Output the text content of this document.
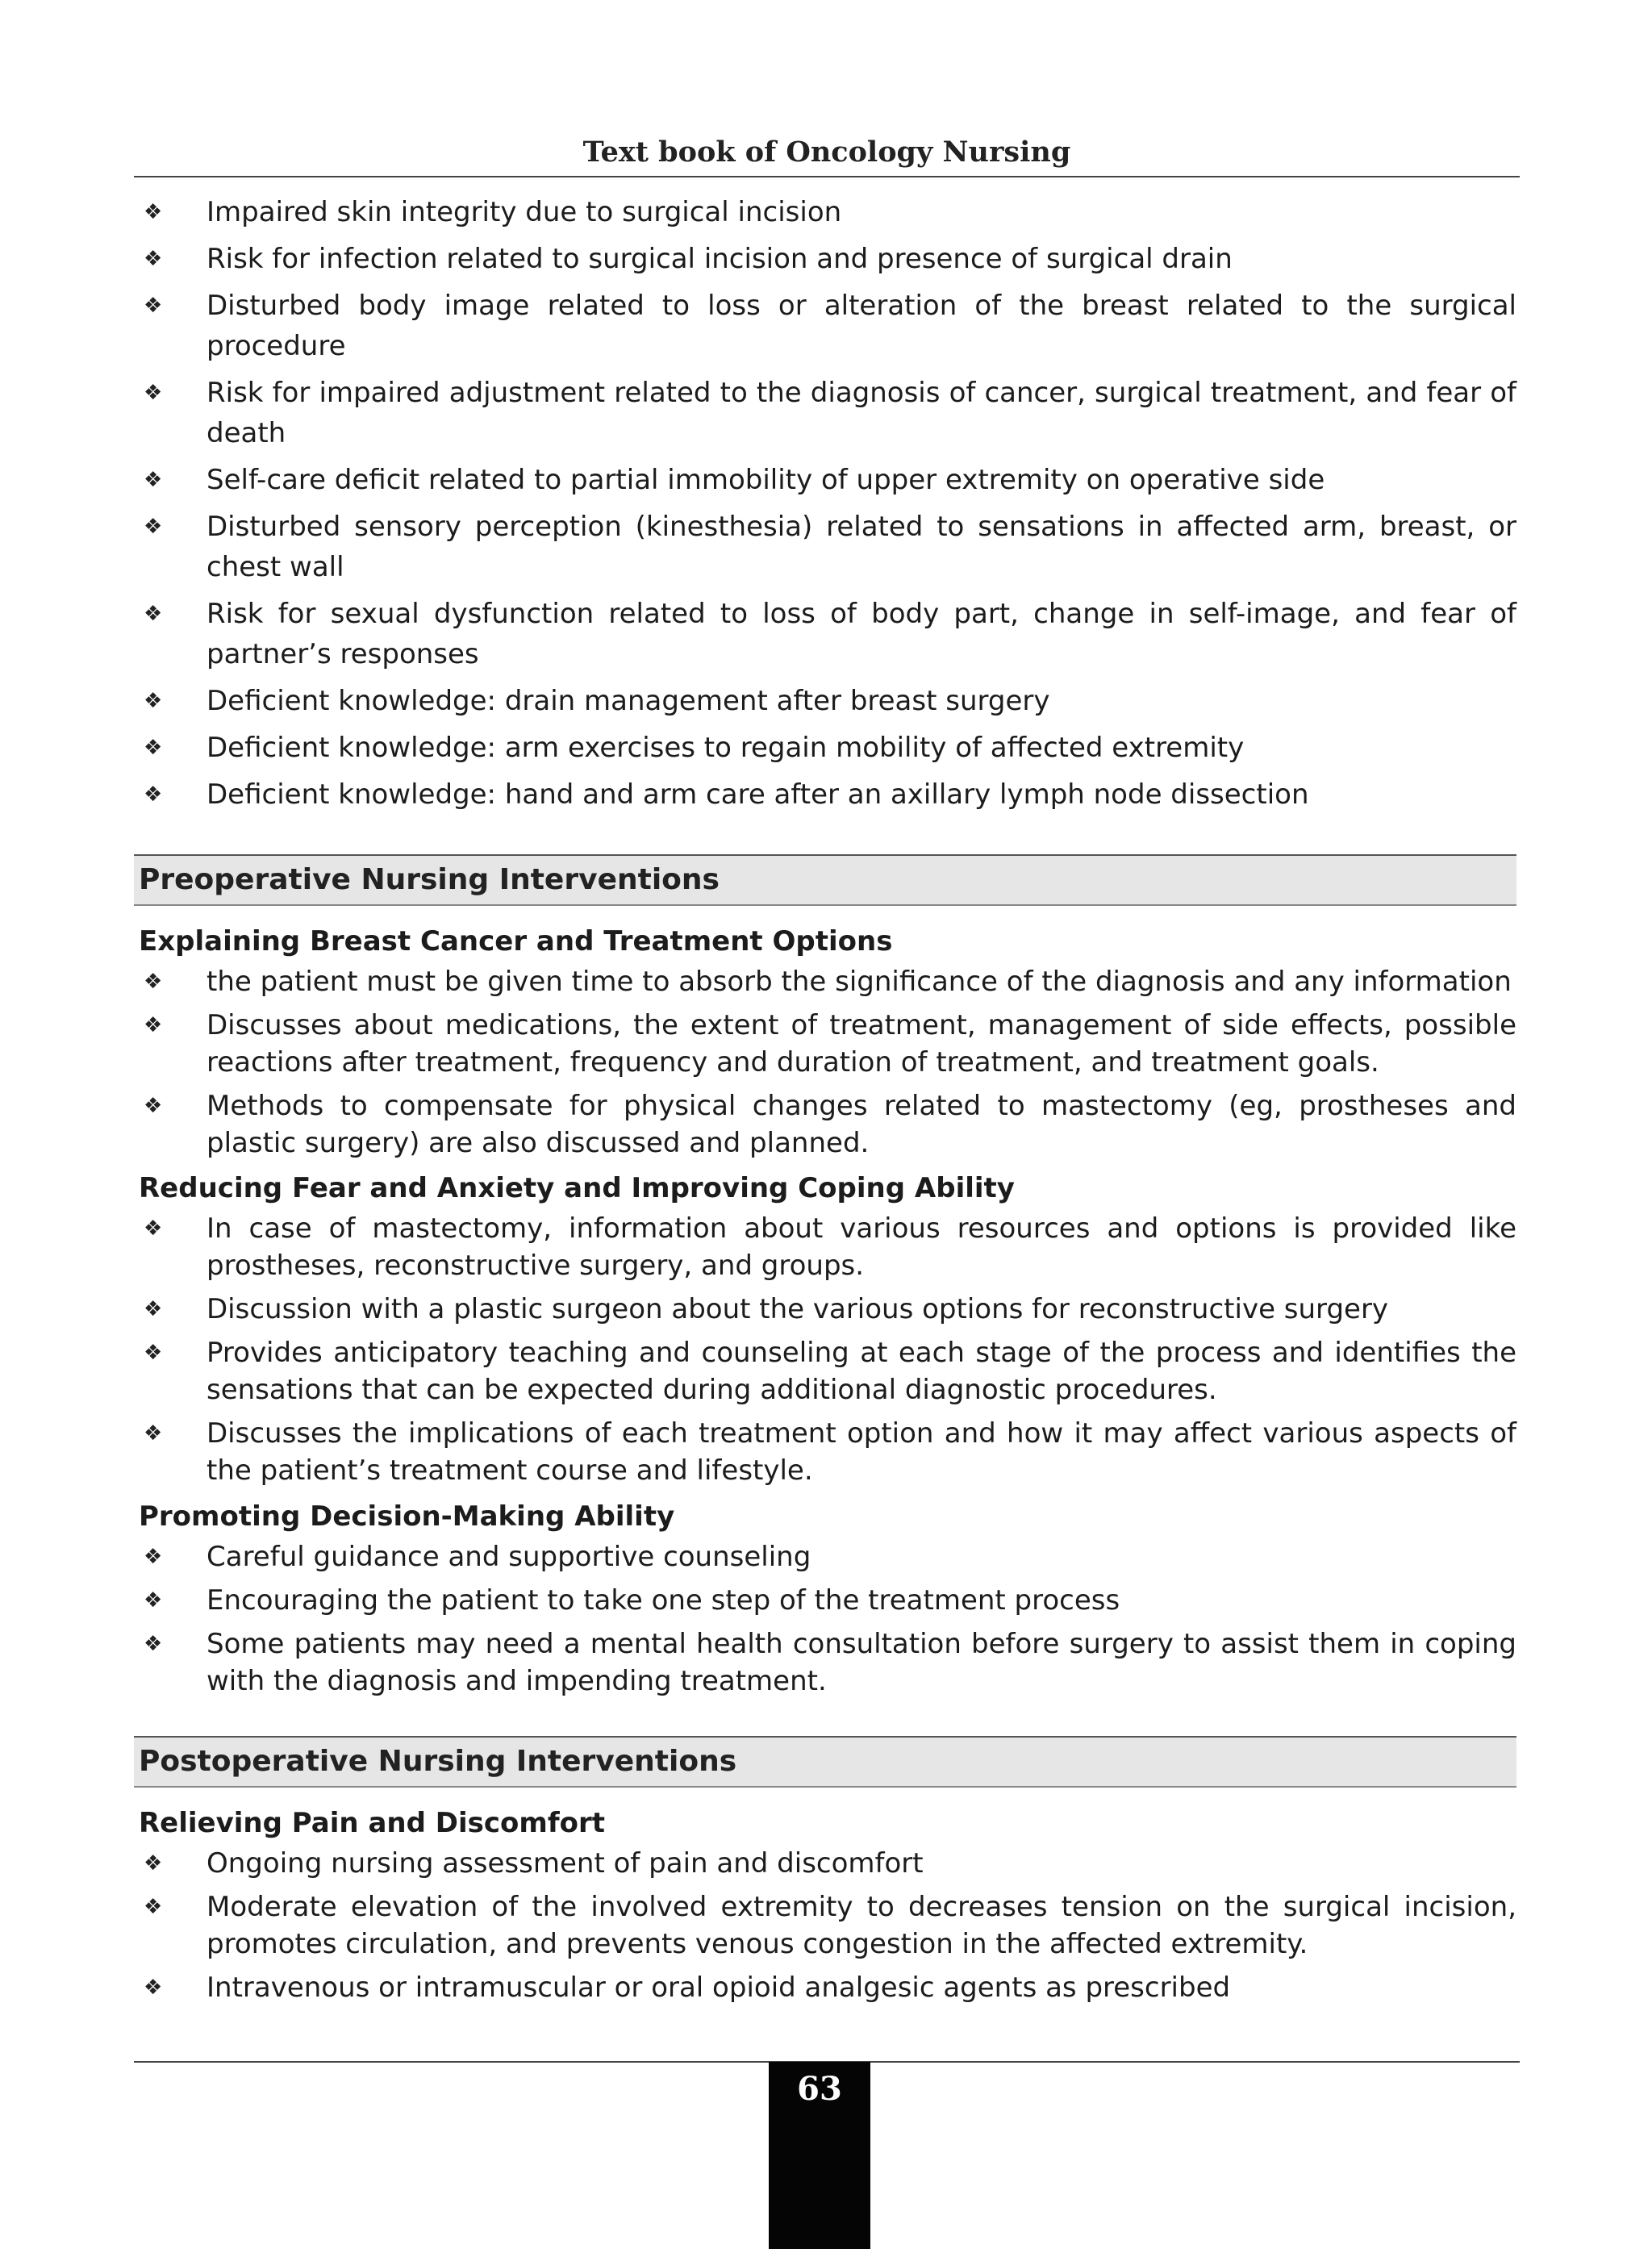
Text book of Oncology Nursing
❖ Impaired skin integrity due to surgical incision
❖ Risk for infection related to surgical incision and presence of surgical drain
❖ Disturbed body image related to loss or alteration of the breast related to the surgical procedure
❖ Risk for impaired adjustment related to the diagnosis of cancer, surgical treatment, and fear of death
❖ Self-care deficit related to partial immobility of upper extremity on operative side
❖ Disturbed sensory perception (kinesthesia) related to sensations in affected arm, breast, or chest wall
❖ Risk for sexual dysfunction related to loss of body part, change in self-image, and fear of partner’s responses
❖ Deficient knowledge: drain management after breast surgery
❖ Deficient knowledge: arm exercises to regain mobility of affected extremity
❖ Deficient knowledge: hand and arm care after an axillary lymph node dissection
Preoperative Nursing Interventions
Explaining Breast Cancer and Treatment Options
❖ the patient must be given time to absorb the significance of the diagnosis and any information
❖ Discusses about medications, the extent of treatment, management of side effects, possible reactions after treatment, frequency and duration of treatment, and treatment goals.
❖ Methods to compensate for physical changes related to mastectomy (eg, prostheses and plastic surgery) are also discussed and planned.
Reducing Fear and Anxiety and Improving Coping Ability
❖ In case of mastectomy, information about various resources and options is provided like prostheses, reconstructive surgery, and groups.
❖ Discussion with a plastic surgeon about the various options for reconstructive surgery
❖ Provides anticipatory teaching and counseling at each stage of the process and identifies the sensations that can be expected during additional diagnostic procedures.
❖ Discusses the implications of each treatment option and how it may affect various aspects of the patient’s treatment course and lifestyle.
Promoting Decision-Making Ability
❖ Careful guidance and supportive counseling
❖ Encouraging the patient to take one step of the treatment process
❖ Some patients may need a mental health consultation before surgery to assist them in coping with the diagnosis and impending treatment.
Postoperative Nursing Interventions
Relieving Pain and Discomfort
❖ Ongoing nursing assessment of pain and discomfort
❖ Moderate elevation of the involved extremity to decreases tension on the surgical incision, promotes circulation, and prevents venous congestion in the affected extremity.
❖ Intravenous or intramuscular or oral opioid analgesic agents as prescribed
63
